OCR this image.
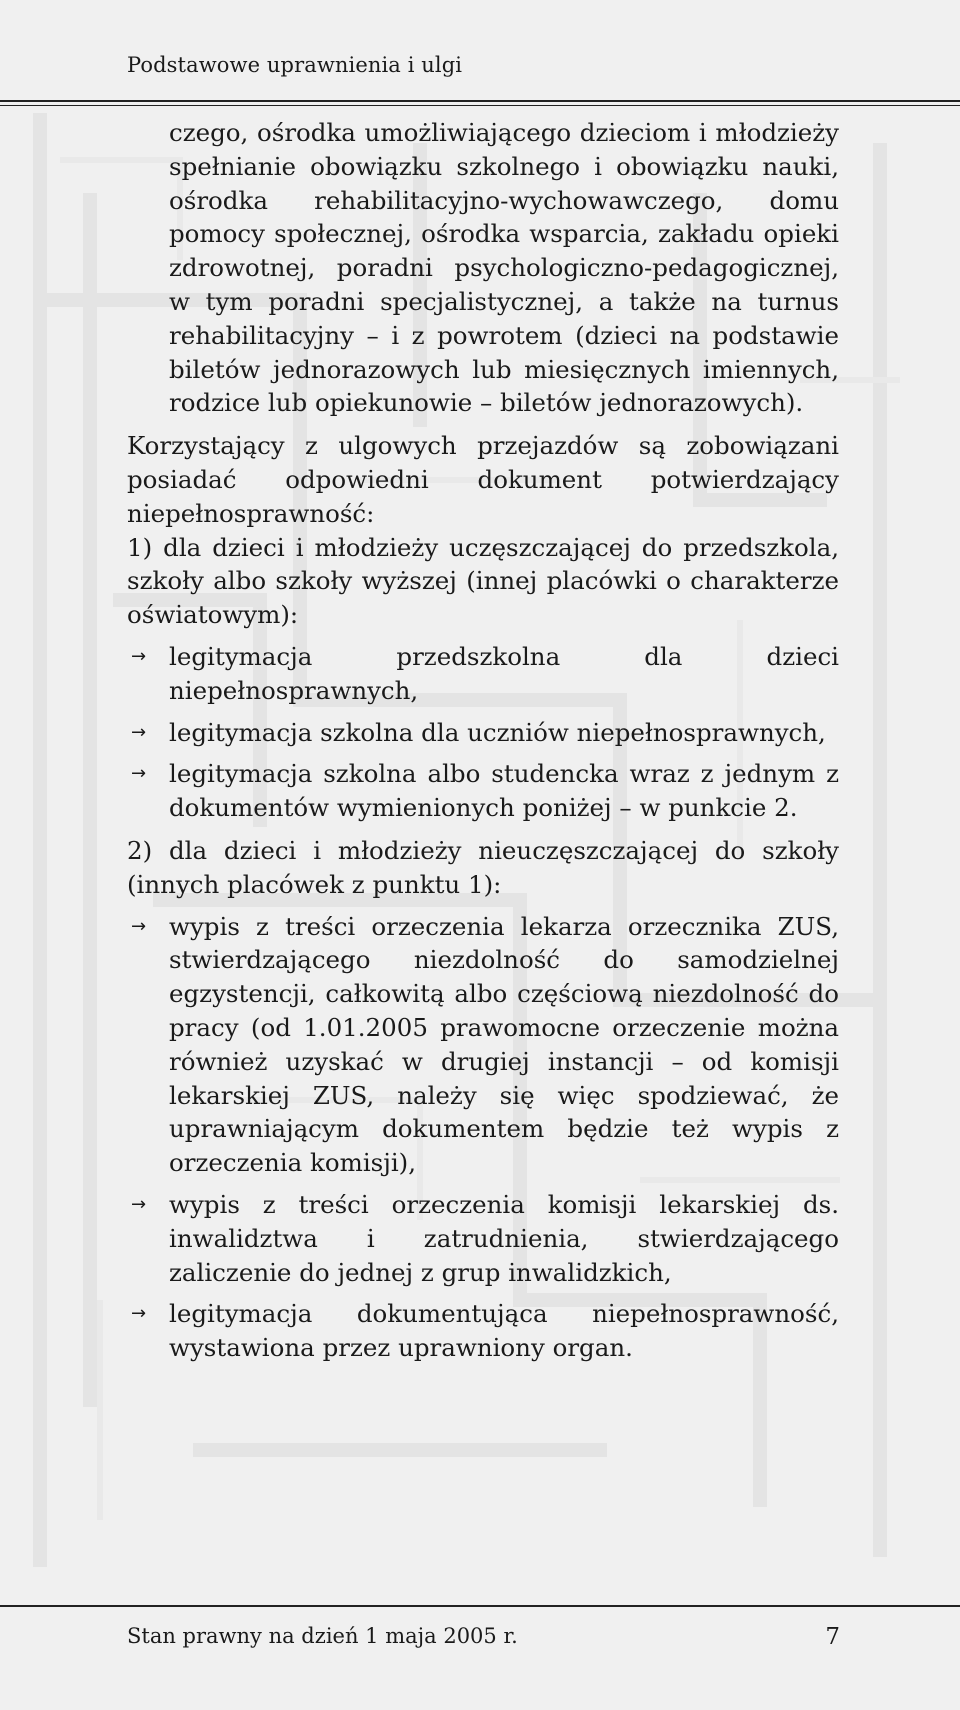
Podstawowe uprawnienia i ulgi

czego, ośrodka umożliwiającego dzieciom i młodzieży spełnianie obowiązku szkolnego i obowiązku nauki, ośrodka rehabilitacyjno-wychowawczego, domu pomocy społecznej, ośrodka wsparcia, zakładu opieki zdrowotnej, poradni psychologiczno-pedagogicznej, w tym poradni specjalistycznej, a także na turnus rehabilitacyjny – i z powrotem (dzieci na podstawie biletów jednorazowych lub miesięcznych imiennych, rodzice lub opiekunowie – biletów jednorazowych).

Korzystający z ulgowych przejazdów są zobowiązani posiadać odpowiedni dokument potwierdzający niepełnosprawność:

1) dla dzieci i młodzieży uczęszczającej do przedszkola, szkoły albo szkoły wyższej (innej placówki o charakterze oświatowym):

→ legitymacja przedszkolna dla dzieci niepełnosprawnych,
→ legitymacja szkolna dla uczniów niepełnosprawnych,
→ legitymacja szkolna albo studencka wraz z jednym z dokumentów wymienionych poniżej – w punkcie 2.

2) dla dzieci i młodzieży nieuczęszczającej do szkoły (innych placówek z punktu 1):

→ wypis z treści orzeczenia lekarza orzecznika ZUS, stwierdzającego niezdolność do samodzielnej egzystencji, całkowitą albo częściową niezdolność do pracy (od 1.01.2005 prawomocne orzeczenie można również uzyskać w drugiej instancji – od komisji lekarskiej ZUS, należy się więc spodziewać, że uprawniającym dokumentem będzie też wypis z orzeczenia komisji),
→ wypis z treści orzeczenia komisji lekarskiej ds. inwalidztwa i zatrudnienia, stwierdzającego zaliczenie do jednej z grup inwalidzkich,
→ legitymacja dokumentująca niepełnosprawność, wystawiona przez uprawniony organ.
Stan prawny na dzień 1 maja 2005 r.	7
